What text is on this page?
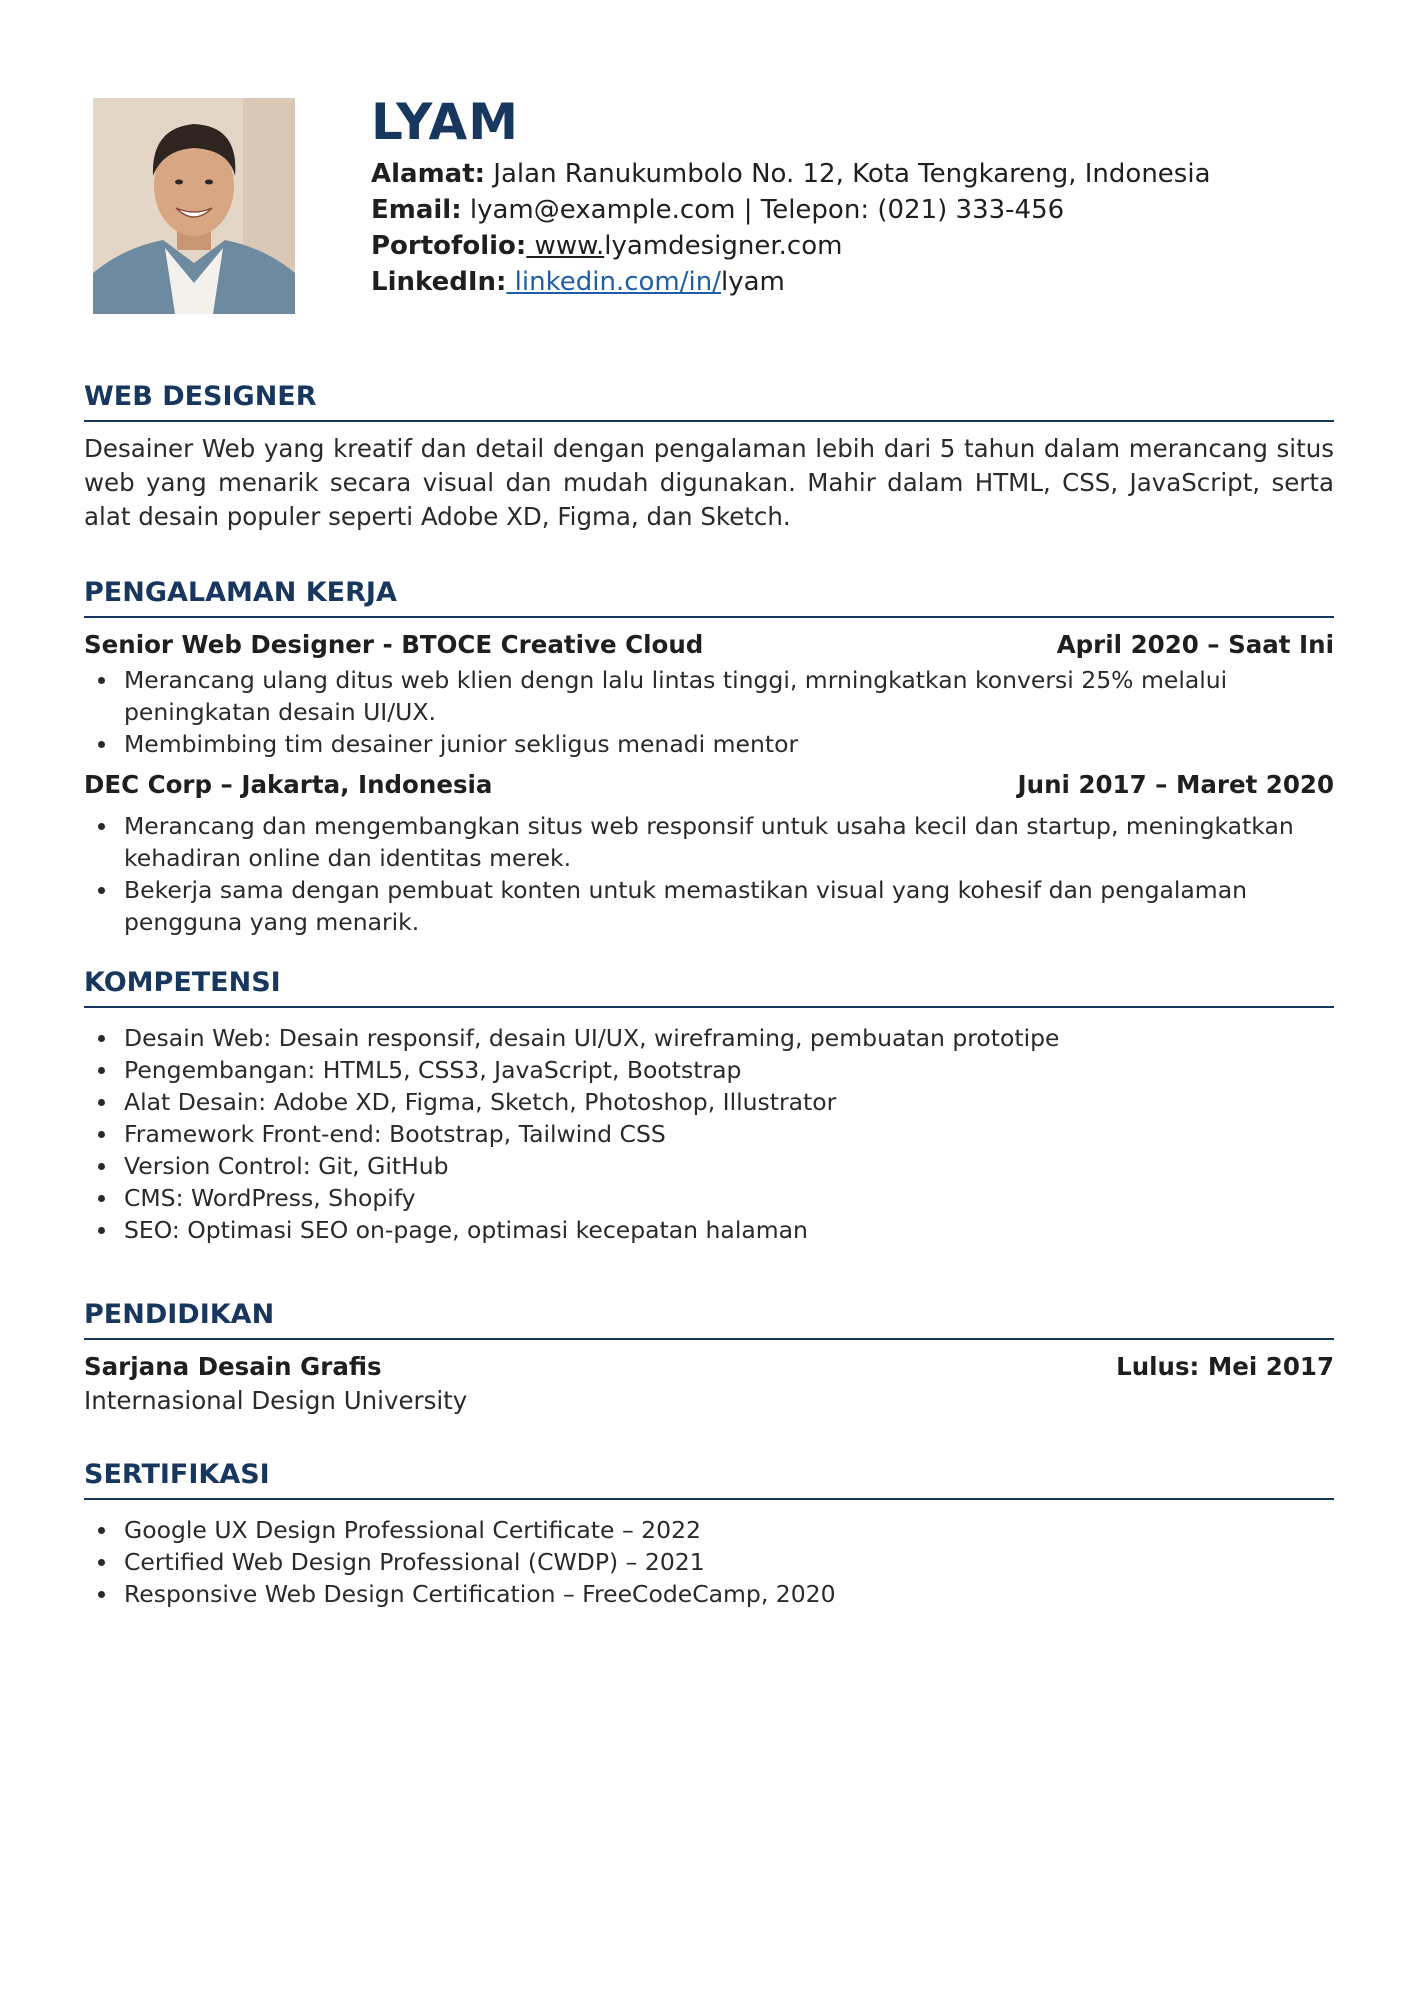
LYAM
Alamat: Jalan Ranukumbolo No. 12, Kota Tengkareng, Indonesia
Email: lyam@example.com | Telepon: (021) 333-456
Portofolio: www.lyamdesigner.com
LinkedIn: linkedin.com/in/lyam
WEB DESIGNER

Desainer Web yang kreatif dan detail dengan pengalaman lebih dari 5 tahun dalam merancang situs web yang menarik secara visual dan mudah digunakan. Mahir dalam HTML, CSS, JavaScript, serta alat desain populer seperti Adobe XD, Figma, dan Sketch.

PENGALAMAN KERJA
Senior Web Designer - BTOCE Creative Cloud	April 2020 – Saat Ini
Merancang ulang ditus web klien dengn lalu lintas tinggi, mrningkatkan konversi 25% melalui peningkatan desain UI/UX.
Membimbing tim desainer junior sekligus menadi mentor
DEC Corp – Jakarta, Indonesia	Juni 2017 – Maret 2020
Merancang dan mengembangkan situs web responsif untuk usaha kecil dan startup, meningkatkan kehadiran online dan identitas merek.
Bekerja sama dengan pembuat konten untuk memastikan visual yang kohesif dan pengalaman pengguna yang menarik.
KOMPETENSI
Desain Web: Desain responsif, desain UI/UX, wireframing, pembuatan prototipe
Pengembangan: HTML5, CSS3, JavaScript, Bootstrap
Alat Desain: Adobe XD, Figma, Sketch, Photoshop, Illustrator
Framework Front-end: Bootstrap, Tailwind CSS
Version Control: Git, GitHub
CMS: WordPress, Shopify
SEO: Optimasi SEO on-page, optimasi kecepatan halaman
PENDIDIKAN
Sarjana Desain Grafis	Lulus: Mei 2017
Internasional Design University
SERTIFIKASI
Google UX Design Professional Certificate – 2022
Certified Web Design Professional (CWDP) – 2021
Responsive Web Design Certification – FreeCodeCamp, 2020
